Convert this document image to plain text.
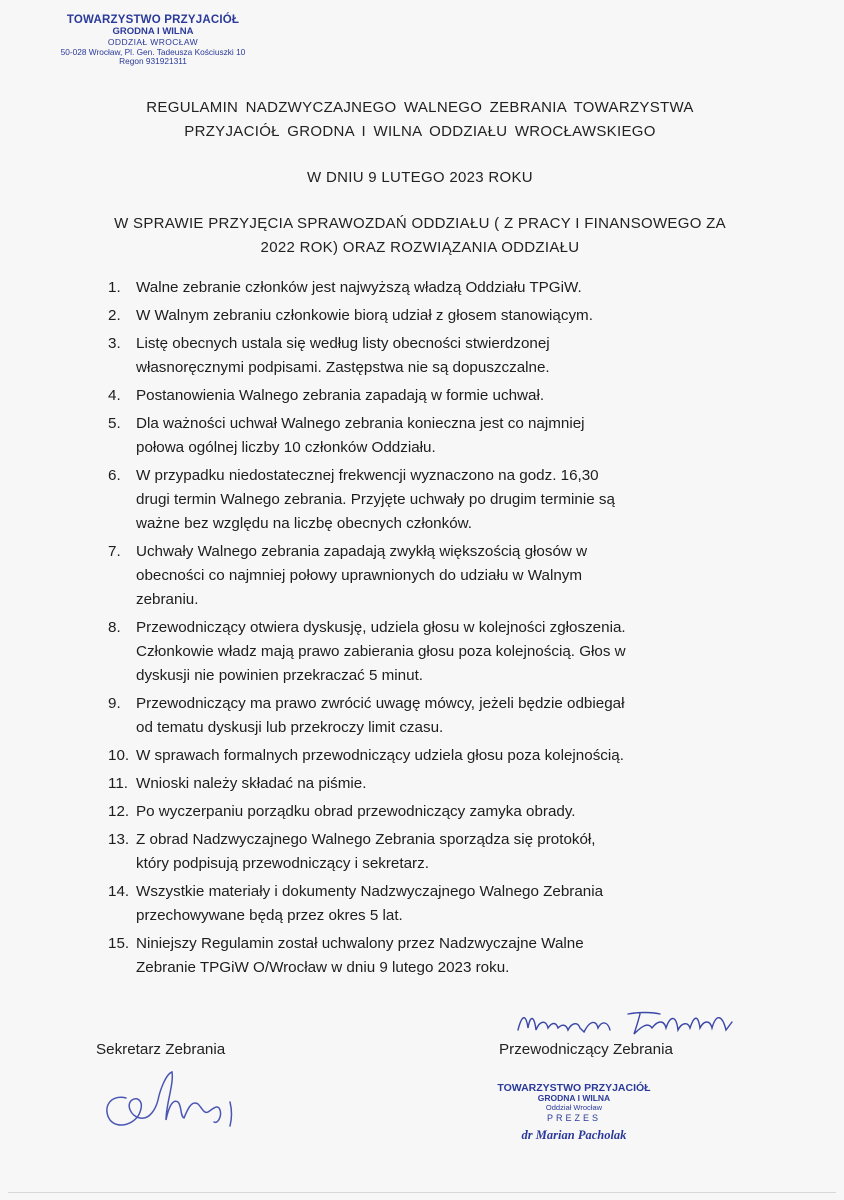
TOWARZYSTWO PRZYJACIÓŁ
GRODNA I WILNA
ODDZIAŁ WROCŁAW
50-028 Wrocław, Pl. Gen. Tadeusza Kościuszki 10
Regon 931921311
REGULAMIN NADZWYCZAJNEGO WALNEGO ZEBRANIA TOWARZYSTWA
PRZYJACIÓŁ GRODNA I WILNA ODDZIAŁU WROCŁAWSKIEGO
W DNIU 9 LUTEGO 2023 ROKU
W SPRAWIE PRZYJĘCIA SPRAWOZDAŃ ODDZIAŁU ( Z PRACY I FINANSOWEGO ZA
2022 ROK) ORAZ ROZWIĄZANIA ODDZIAŁU
1.	Walne zebranie członków jest najwyższą władzą Oddziału TPGiW.
2.	W Walnym zebraniu członkowie biorą udział z głosem stanowiącym.
3.	Listę obecnych ustala się według listy obecności stwierdzonej
własnoręcznymi podpisami. Zastępstwa nie są dopuszczalne.
4.	Postanowienia Walnego zebrania zapadają w formie uchwał.
5.	Dla ważności uchwał Walnego zebrania konieczna jest co najmniej
połowa ogólnej liczby 10 członków Oddziału.
6.	W przypadku niedostatecznej frekwencji wyznaczono na godz. 16,30
drugi termin Walnego zebrania. Przyjęte uchwały po drugim terminie są
ważne bez względu na liczbę obecnych członków.
7.	Uchwały Walnego zebrania zapadają zwykłą większością głosów w
obecności co najmniej połowy uprawnionych do udziału w Walnym
zebraniu.
8.	Przewodniczący otwiera dyskusję, udziela głosu w kolejności zgłoszenia.
Członkowie władz mają prawo zabierania głosu poza kolejnością. Głos w
dyskusji nie powinien przekraczać 5 minut.
9.	Przewodniczący ma prawo zwrócić uwagę mówcy, jeżeli będzie odbiegał
od tematu dyskusji lub przekroczy limit czasu.
10. W sprawach formalnych przewodniczący udziela głosu poza kolejnością.
11. Wnioski należy składać na piśmie.
12. Po wyczerpaniu porządku obrad przewodniczący zamyka obrady.
13. Z obrad Nadzwyczajnego Walnego Zebrania sporządza się protokół,
który podpisują przewodniczący i sekretarz.
14. Wszystkie materiały i dokumenty Nadzwyczajnego Walnego Zebrania
przechowywane będą przez okres 5 lat.
15. Niniejszy Regulamin został uchwalony przez Nadzwyczajne Walne
Zebranie TPGiW O/Wrocław w dniu 9 lutego 2023 roku.
Sekretarz Zebrania	Przewodniczący Zebrania
TOWARZYSTWO PRZYJACIÓŁ
GRODNA I WILNA
Oddział Wrocław
PREZES
dr Marian Pacholak
